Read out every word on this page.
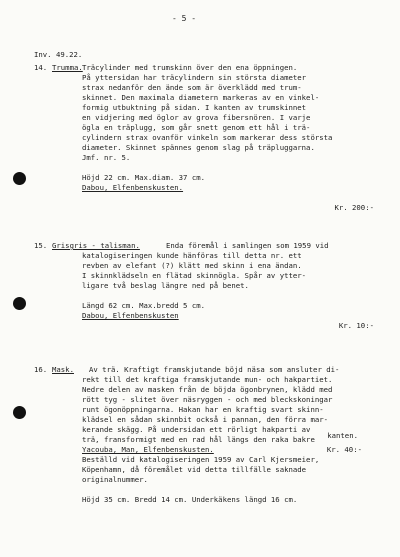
- 5 -
Inv. 49.22.
14. Trumma. Träcylinder med trumskinn över den ena öppningen.

På yttersidan har träcylindern sin största diameter

strax nedanför den ände som är överklädd med trum-

skinnet. Den maximala diametern markeras av en vinkel-

formig utbuktning på sidan. I kanten av trumskinnet

en vidjering med öglor av grova fibersnören. I varje

ögla en träplugg, som går snett genom ett hål i trä-

cylindern strax ovanför vinkeln som markerar dess största

diameter. Skinnet spännes genom slag på träpluggarna.

Jmf. nr. 5.

Höjd 22 cm. Max.diam. 37 cm.

Dabou, Elfenbenskusten.

Kr. 200:-
15. Grisgris - talisman.	Enda föremål i samlingen som 1959 vid

katalogiseringen kunde hänföras till detta nr. ett

revben av elefant (?) klätt med skinn i ena ändan.

I skinnklädseln en flätad skinnögla. Spår av ytter-

ligare två beslag längre ned på benet.

Längd 62 cm. Max.bredd 5 cm.

Dabou, Elfenbenskusten

Kr. 10:-
16. Mask.	Av trä. Kraftigt framskjutande böjd näsa som ansluter di-

rekt till det kraftiga framskjutande mun- och hakpartiet.

Nedre delen av masken från de böjda ögonbrynen, klädd med

rött tyg - slitet över näsryggen - och med bleckskoningar

runt ögonöppningarna. Hakan har en kraftig svart skinn-

klädsel en sådan skinnbit också i pannan, den förra mar-

kerande skägg. På undersidan ett rörligt hakparti av

trä, fransformigt med en rad hål längs den raka bakre

Yacouba, Man, Elfenbenskusten.

Beställd vid katalogiseringen 1959 av Carl Kjersmeier,

Köpenhamn, då föremålet vid detta tillfälle saknade

originalnummer.

Höjd 35 cm. Bredd 14 cm. Underkäkens längd 16 cm.

kanten.
Kr. 40:-
